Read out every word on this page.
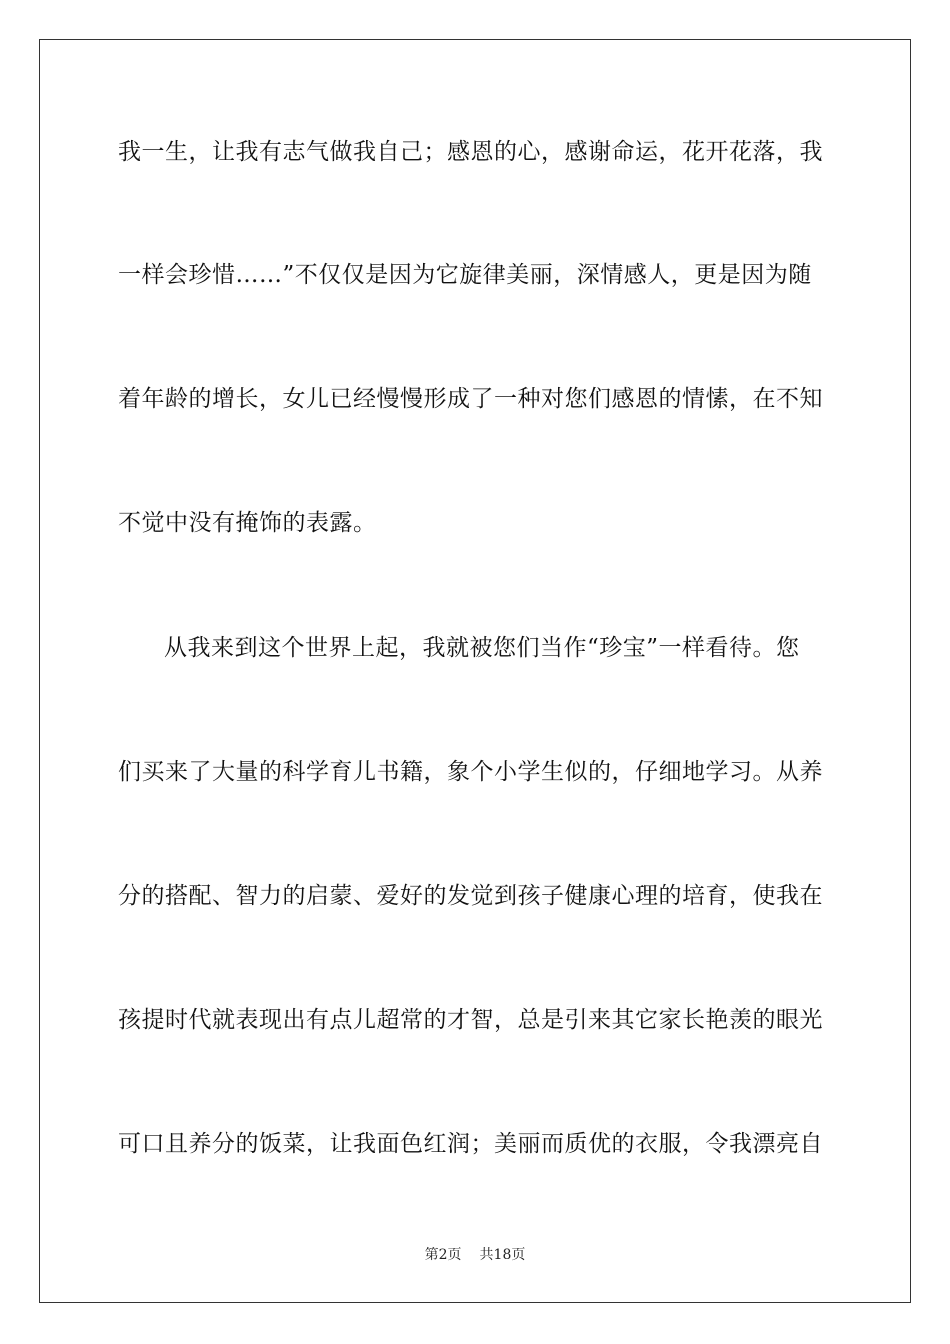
我一生，让我有志气做我自己；感恩的心，感谢命运，花开花落，我
一样会珍惜……”不仅仅是因为它旋律美丽，深情感人，更是因为随
着年龄的增长，女儿已经慢慢形成了一种对您们感恩的情愫，在不知
不觉中没有掩饰的表露。
从我来到这个世界上起，我就被您们当作“珍宝”一样看待。您
们买来了大量的科学育儿书籍，象个小学生似的，仔细地学习。从养
分的搭配、智力的启蒙、爱好的发觉到孩子健康心理的培育，使我在
孩提时代就表现出有点儿超常的才智，总是引来其它家长艳羡的眼光
可口且养分的饭菜，让我面色红润；美丽而质优的衣服，令我漂亮自
第2页 共18页
